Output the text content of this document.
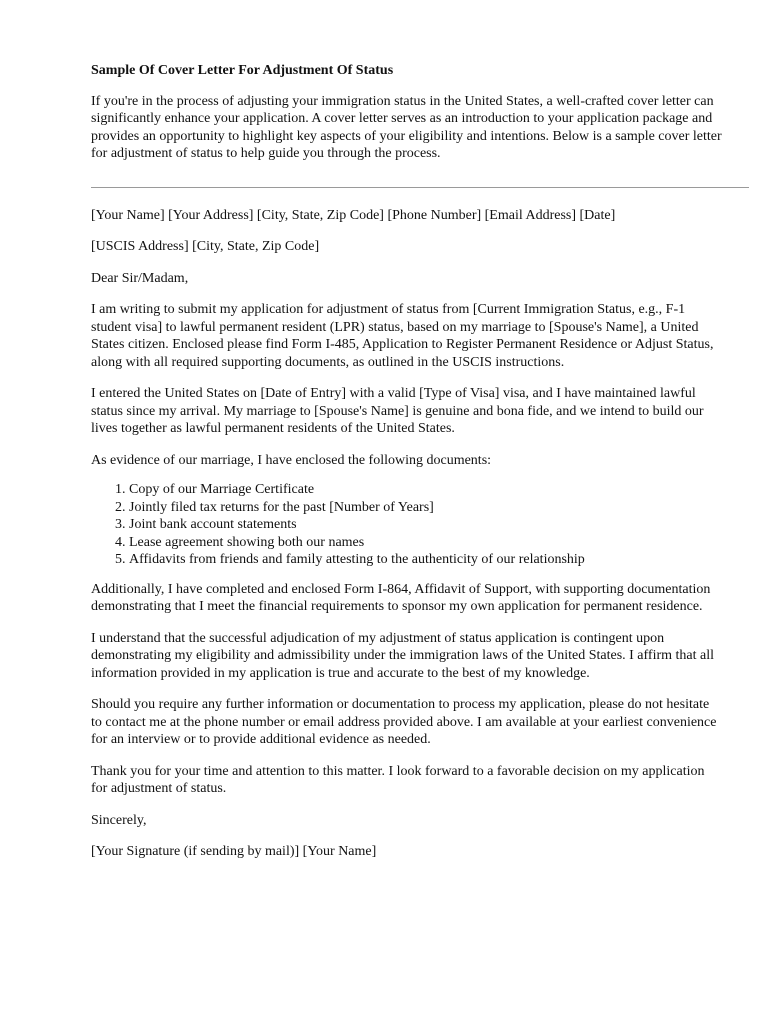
Sample Of Cover Letter For Adjustment Of Status

If you're in the process of adjusting your immigration status in the United States, a well-crafted cover letter can significantly enhance your application. A cover letter serves as an introduction to your application package and provides an opportunity to highlight key aspects of your eligibility and intentions. Below is a sample cover letter for adjustment of status to help guide you through the process.

[Your Name] [Your Address] [City, State, Zip Code] [Phone Number] [Email Address] [Date]

[USCIS Address] [City, State, Zip Code]

Dear Sir/Madam,

I am writing to submit my application for adjustment of status from [Current Immigration Status, e.g., F-1 student visa] to lawful permanent resident (LPR) status, based on my marriage to [Spouse's Name], a United States citizen. Enclosed please find Form I-485, Application to Register Permanent Residence or Adjust Status, along with all required supporting documents, as outlined in the USCIS instructions.

I entered the United States on [Date of Entry] with a valid [Type of Visa] visa, and I have maintained lawful status since my arrival. My marriage to [Spouse's Name] is genuine and bona fide, and we intend to build our lives together as lawful permanent residents of the United States.

As evidence of our marriage, I have enclosed the following documents:

1. Copy of our Marriage Certificate
2. Jointly filed tax returns for the past [Number of Years]
3. Joint bank account statements
4. Lease agreement showing both our names
5. Affidavits from friends and family attesting to the authenticity of our relationship

Additionally, I have completed and enclosed Form I-864, Affidavit of Support, with supporting documentation demonstrating that I meet the financial requirements to sponsor my own application for permanent residence.

I understand that the successful adjudication of my adjustment of status application is contingent upon demonstrating my eligibility and admissibility under the immigration laws of the United States. I affirm that all information provided in my application is true and accurate to the best of my knowledge.

Should you require any further information or documentation to process my application, please do not hesitate to contact me at the phone number or email address provided above. I am available at your earliest convenience for an interview or to provide additional evidence as needed.

Thank you for your time and attention to this matter. I look forward to a favorable decision on my application for adjustment of status.

Sincerely,

[Your Signature (if sending by mail)] [Your Name]
